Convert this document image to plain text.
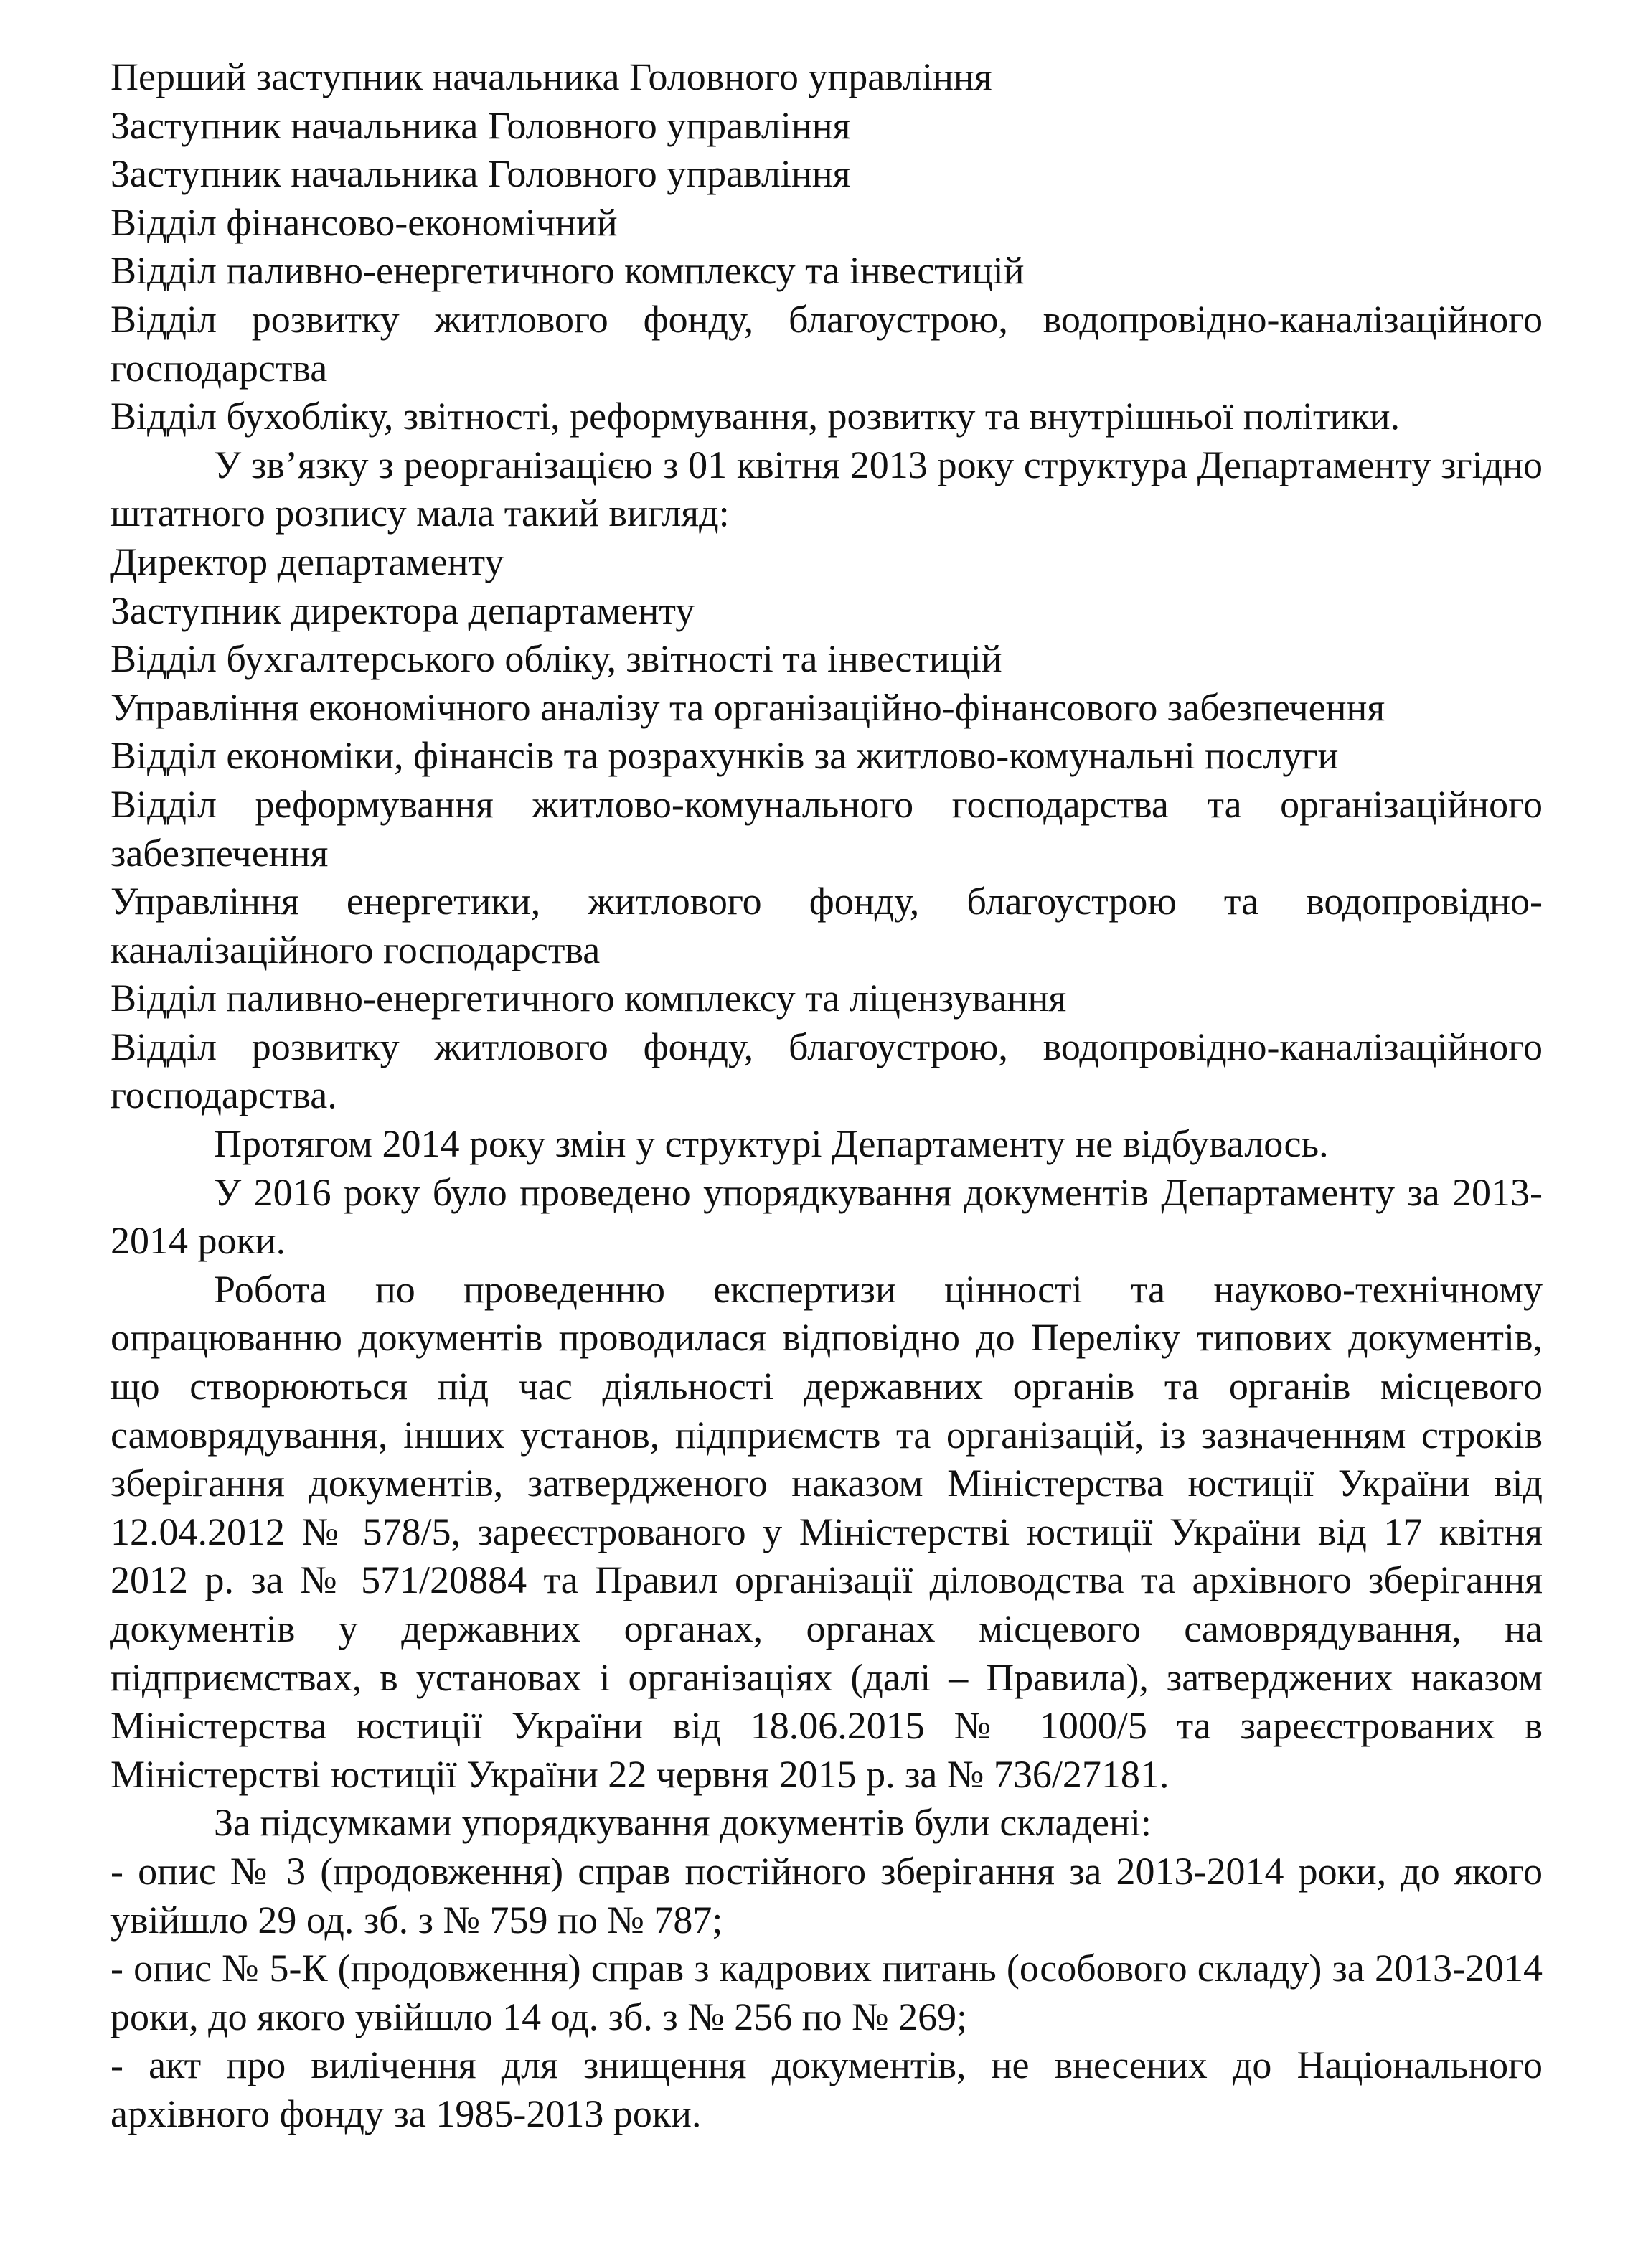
Перший заступник начальника Головного управління

Заступник начальника Головного управління

Заступник начальника Головного управління

Відділ фінансово-економічний

Відділ паливно-енергетичного комплексу та інвестицій

Відділ розвитку житлового фонду, благоустрою, водопровідно-каналізаційного господарства

Відділ бухобліку, звітності, реформування, розвитку та внутрішньої політики.

У зв’язку з реорганізацією з 01 квітня 2013 року структура Департаменту згідно штатного розпису мала такий вигляд:

Директор департаменту

Заступник директора департаменту

Відділ бухгалтерського обліку, звітності та інвестицій

Управління економічного аналізу та організаційно-фінансового забезпечення

Відділ економіки, фінансів та розрахунків за житлово-комунальні послуги

Відділ реформування житлово-комунального господарства та організаційного забезпечення

Управління енергетики, житлового фонду, благоустрою та водопровідно-каналізаційного господарства

Відділ паливно-енергетичного комплексу та ліцензування

Відділ розвитку житлового фонду, благоустрою, водопровідно-каналізаційного господарства.

Протягом 2014 року змін у структурі Департаменту не відбувалось.

У 2016 року було проведено упорядкування документів Департаменту за 2013-2014 роки.

Робота по проведенню експертизи цінності та науково-технічному опрацюванню документів проводилася відповідно до Переліку типових документів, що створюються під час діяльності державних органів та органів місцевого самоврядування, інших установ, підприємств та організацій, із зазначенням строків зберігання документів, затвердженого наказом Міністерства юстиції України від 12.04.2012 № 578/5, зареєстрованого у Міністерстві юстиції України від 17 квітня 2012 р. за № 571/20884 та Правил організації діловодства та архівного зберігання документів у державних органах, органах місцевого самоврядування, на підприємствах, в установах і організаціях (далі – Правила), затверджених наказом Міністерства юстиції України від 18.06.2015 № 1000/5 та зареєстрованих в Міністерстві юстиції України 22 червня 2015 р. за № 736/27181.

За підсумками упорядкування документів були складені:

- опис № 3 (продовження) справ постійного зберігання за 2013-2014 роки, до якого увійшло 29 од. зб. з № 759 по № 787;

- опис № 5-К (продовження) справ з кадрових питань (особового складу) за 2013-2014 роки, до якого увійшло 14 од. зб. з № 256 по № 269;

- акт про вилічення для знищення документів, не внесених до Національного архівного фонду за 1985-2013 роки.
